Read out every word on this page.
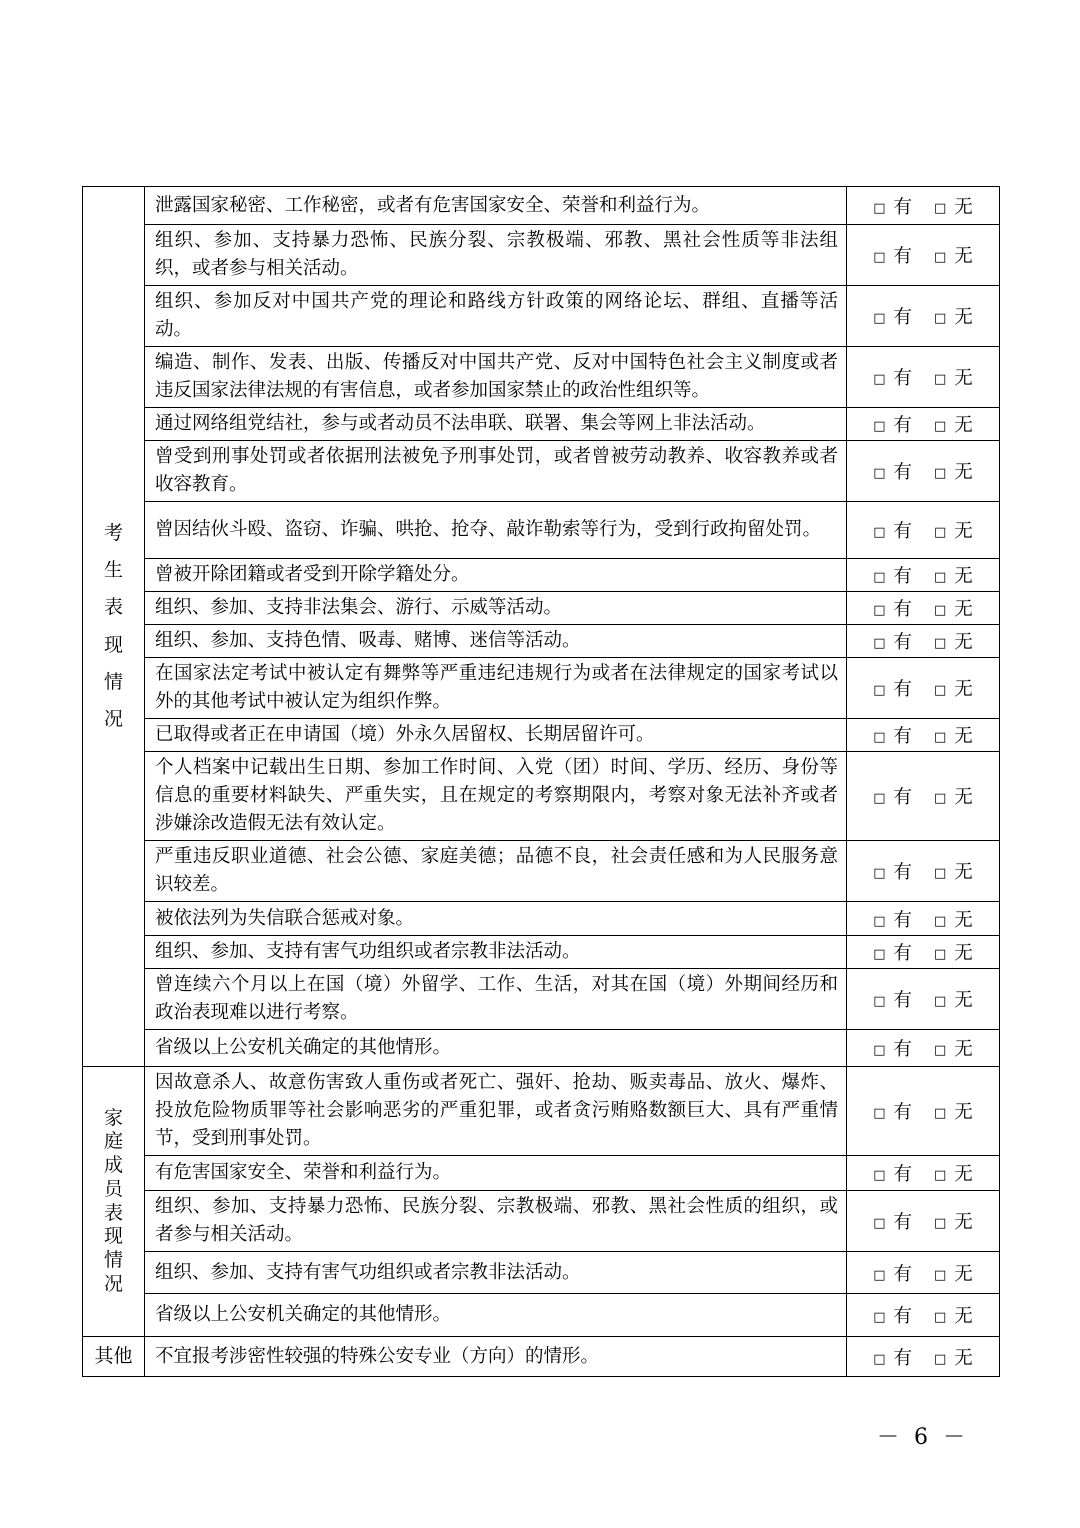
考生表现情况	泄露国家秘密、工作秘密，或者有危害国家安全、荣誉和利益行为。	□ 有 □ 无
	组织、参加、支持暴力恐怖、民族分裂、宗教极端、邪教、黑社会性质等非法组织，或者参与相关活动。	□ 有 □ 无
	组织、参加反对中国共产党的理论和路线方针政策的网络论坛、群组、直播等活动。	□ 有 □ 无
	编造、制作、发表、出版、传播反对中国共产党、反对中国特色社会主义制度或者违反国家法律法规的有害信息，或者参加国家禁止的政治性组织等。	□ 有 □ 无
	通过网络组党结社，参与或者动员不法串联、联署、集会等网上非法活动。	□ 有 □ 无
	曾受到刑事处罚或者依据刑法被免予刑事处罚，或者曾被劳动教养、收容教养或者收容教育。	□ 有 □ 无
	曾因结伙斗殴、盗窃、诈骗、哄抢、抢夺、敲诈勒索等行为，受到行政拘留处罚。	□ 有 □ 无
	曾被开除团籍或者受到开除学籍处分。	□ 有 □ 无
	组织、参加、支持非法集会、游行、示威等活动。	□ 有 □ 无
	组织、参加、支持色情、吸毒、赌博、迷信等活动。	□ 有 □ 无
	在国家法定考试中被认定有舞弊等严重违纪违规行为或者在法律规定的国家考试以外的其他考试中被认定为组织作弊。	□ 有 □ 无
	已取得或者正在申请国（境）外永久居留权、长期居留许可。	□ 有 □ 无
	个人档案中记载出生日期、参加工作时间、入党（团）时间、学历、经历、身份等信息的重要材料缺失、严重失实，且在规定的考察期限内，考察对象无法补齐或者涉嫌涂改造假无法有效认定。	□ 有 □ 无
	严重违反职业道德、社会公德、家庭美德；品德不良，社会责任感和为人民服务意识较差。	□ 有 □ 无
	被依法列为失信联合惩戒对象。	□ 有 □ 无
	组织、参加、支持有害气功组织或者宗教非法活动。	□ 有 □ 无
	曾连续六个月以上在国（境）外留学、工作、生活，对其在国（境）外期间经历和政治表现难以进行考察。	□ 有 □ 无
	省级以上公安机关确定的其他情形。	□ 有 □ 无
家庭成员表现情况	因故意杀人、故意伤害致人重伤或者死亡、强奸、抢劫、贩卖毒品、放火、爆炸、投放危险物质罪等社会影响恶劣的严重犯罪，或者贪污贿赂数额巨大、具有严重情节，受到刑事处罚。	□ 有 □ 无
	有危害国家安全、荣誉和利益行为。	□ 有 □ 无
	组织、参加、支持暴力恐怖、民族分裂、宗教极端、邪教、黑社会性质的组织，或者参与相关活动。	□ 有 □ 无
	组织、参加、支持有害气功组织或者宗教非法活动。	□ 有 □ 无
	省级以上公安机关确定的其他情形。	□ 有 □ 无
其他	不宜报考涉密性较强的特殊公安专业（方向）的情形。	□ 有 □ 无
－ 6 －
